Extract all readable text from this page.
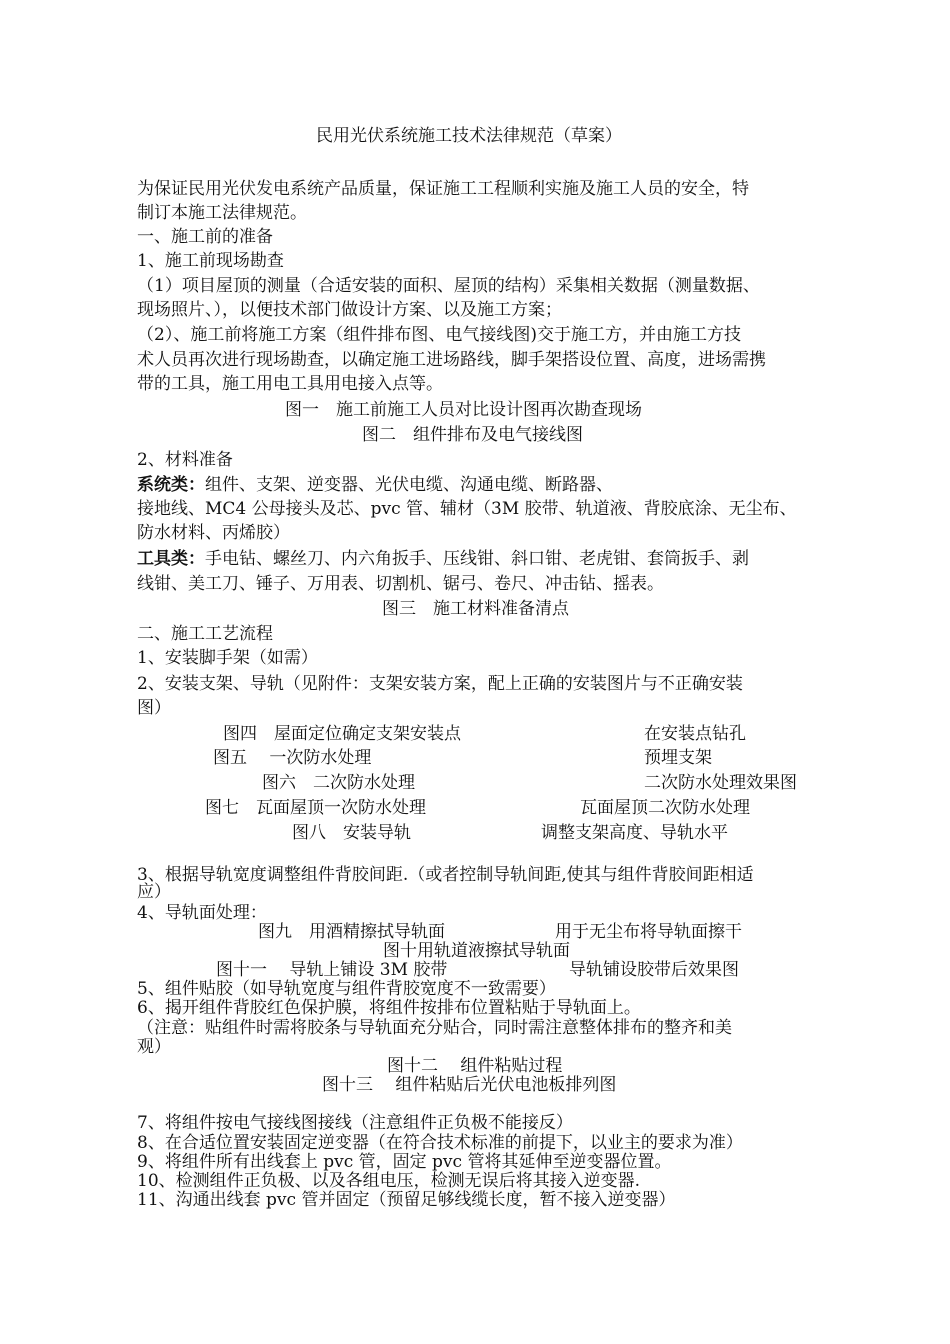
民用光伏系统施工技术法律规范（草案）
为保证民用光伏发电系统产品质量，保证施工工程顺利实施及施工人员的安全，特
制订本施工法律规范。
一、施工前的准备
1、施工前现场勘查
（1）项目屋顶的测量（合适安装的面积、屋顶的结构）采集相关数据（测量数据、
现场照片、），以便技术部门做设计方案、以及施工方案；
（2）、施工前将施工方案（组件排布图、电气接线图)交于施工方，并由施工方技
术人员再次进行现场勘查，以确定施工进场路线，脚手架搭设位置、高度，进场需携
带的工具，施工用电工具用电接入点等。
图一　施工前施工人员对比设计图再次勘查现场
图二　组件排布及电气接线图
2、材料准备
系统类：组件、支架、逆变器、光伏电缆、沟通电缆、断路器、
接地线、MC4 公母接头及芯、pvc 管、辅材（3M 胶带、轨道液、背胶底涂、无尘布、
防水材料、丙烯胶）
工具类：手电钻、螺丝刀、内六角扳手、压线钳、斜口钳、老虎钳、套筒扳手、剥
线钳、美工刀、锤子、万用表、切割机、锯弓、卷尺、冲击钻、摇表。
图三　施工材料准备清点
二、施工工艺流程
1、安装脚手架（如需）
2、安装支架、导轨（见附件：支架安装方案，配上正确的安装图片与不正确安装
图）
图四　屋面定位确定支架安装点	在安装点钻孔
图五　 一次防水处理	预埋支架
图六　二次防水处理	二次防水处理效果图
图七　瓦面屋顶一次防水处理	瓦面屋顶二次防水处理
图八　安装导轨	调整支架高度、导轨水平
3、根据导轨宽度调整组件背胶间距.（或者控制导轨间距,使其与组件背胶间距相适
应）
4、导轨面处理：
图九　用酒精擦拭导轨面	用于无尘布将导轨面擦干
图十用轨道液擦拭导轨面
图十一　 导轨上铺设 3M 胶带	导轨铺设胶带后效果图
5、组件贴胶（如导轨宽度与组件背胶宽度不一致需要）
6、揭开组件背胶红色保护膜，将组件按排布位置粘贴于导轨面上。
（注意：贴组件时需将胶条与导轨面充分贴合，同时需注意整体排布的整齐和美
观）
图十二　 组件粘贴过程
图十三　 组件粘贴后光伏电池板排列图
7、将组件按电气接线图接线（注意组件正负极不能接反）
8、在合适位置安装固定逆变器（在符合技术标准的前提下，以业主的要求为准）
9、将组件所有出线套上 pvc 管，固定 pvc 管将其延伸至逆变器位置。
10、检测组件正负极、以及各组电压，检测无误后将其接入逆变器.
11、沟通出线套 pvc 管并固定（预留足够线缆长度，暂不接入逆变器）
